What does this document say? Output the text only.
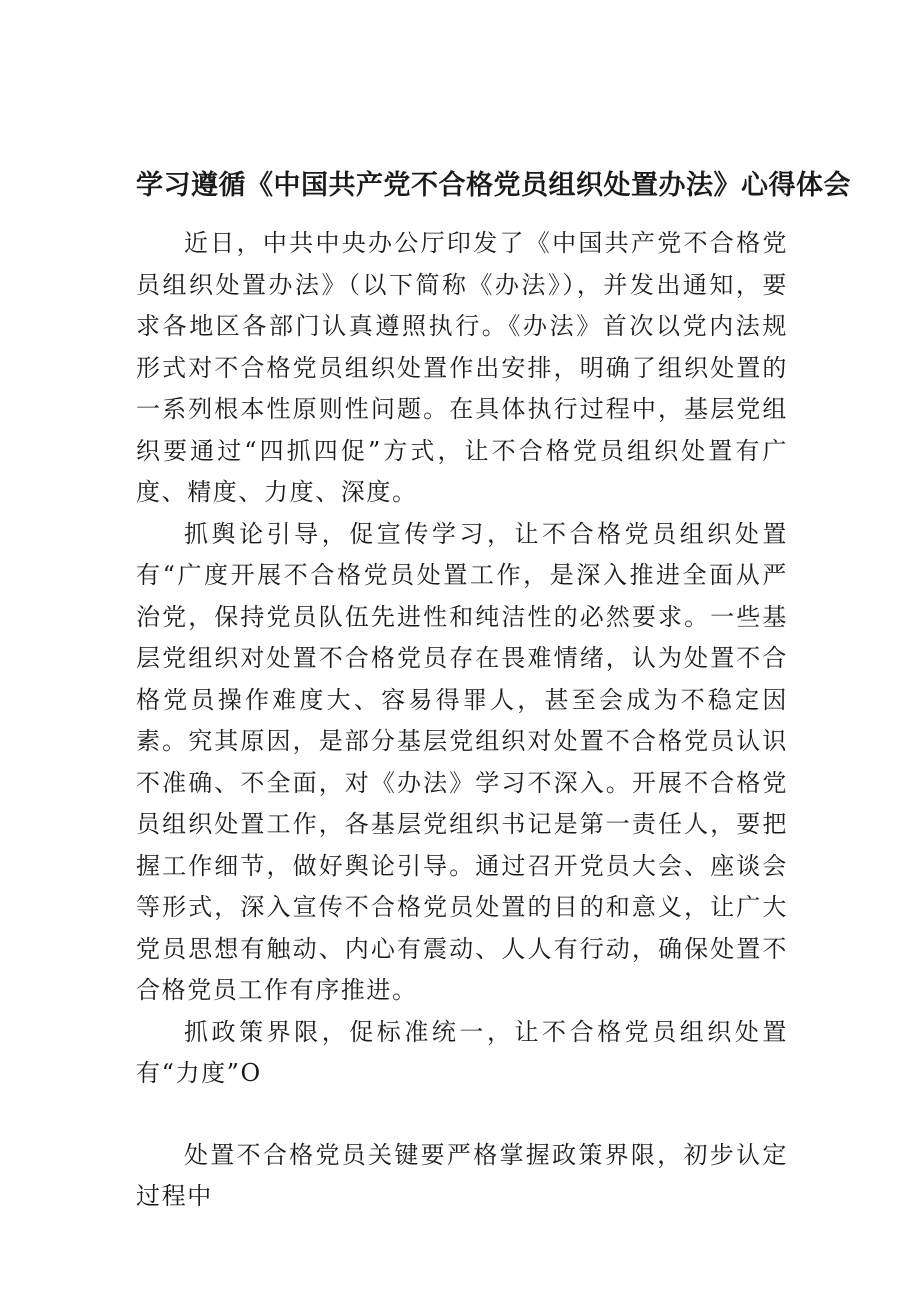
学习遵循《中国共产党不合格党员组织处置办法》心得体会

近日，中共中央办公厅印发了《中国共产党不合格党员组织处置办法》（以下简称《办法》），并发出通知，要求各地区各部门认真遵照执行。《办法》首次以党内法规形式对不合格党员组织处置作出安排，明确了组织处置的一系列根本性原则性问题。在具体执行过程中，基层党组织要通过“四抓四促”方式，让不合格党员组织处置有广度、精度、力度、深度。

抓舆论引导，促宣传学习，让不合格党员组织处置有“广度开展不合格党员处置工作，是深入推进全面从严治党，保持党员队伍先进性和纯洁性的必然要求。一些基层党组织对处置不合格党员存在畏难情绪，认为处置不合格党员操作难度大、容易得罪人，甚至会成为不稳定因素。究其原因，是部分基层党组织对处置不合格党员认识不准确、不全面，对《办法》学习不深入。开展不合格党员组织处置工作，各基层党组织书记是第一责任人，要把握工作细节，做好舆论引导。通过召开党员大会、座谈会等形式，深入宣传不合格党员处置的目的和意义，让广大党员思想有触动、内心有震动、人人有行动，确保处置不合格党员工作有序推进。

抓政策界限，促标准统一，让不合格党员组织处置有“力度”O

处置不合格党员关键要严格掌握政策界限，初步认定过程中
